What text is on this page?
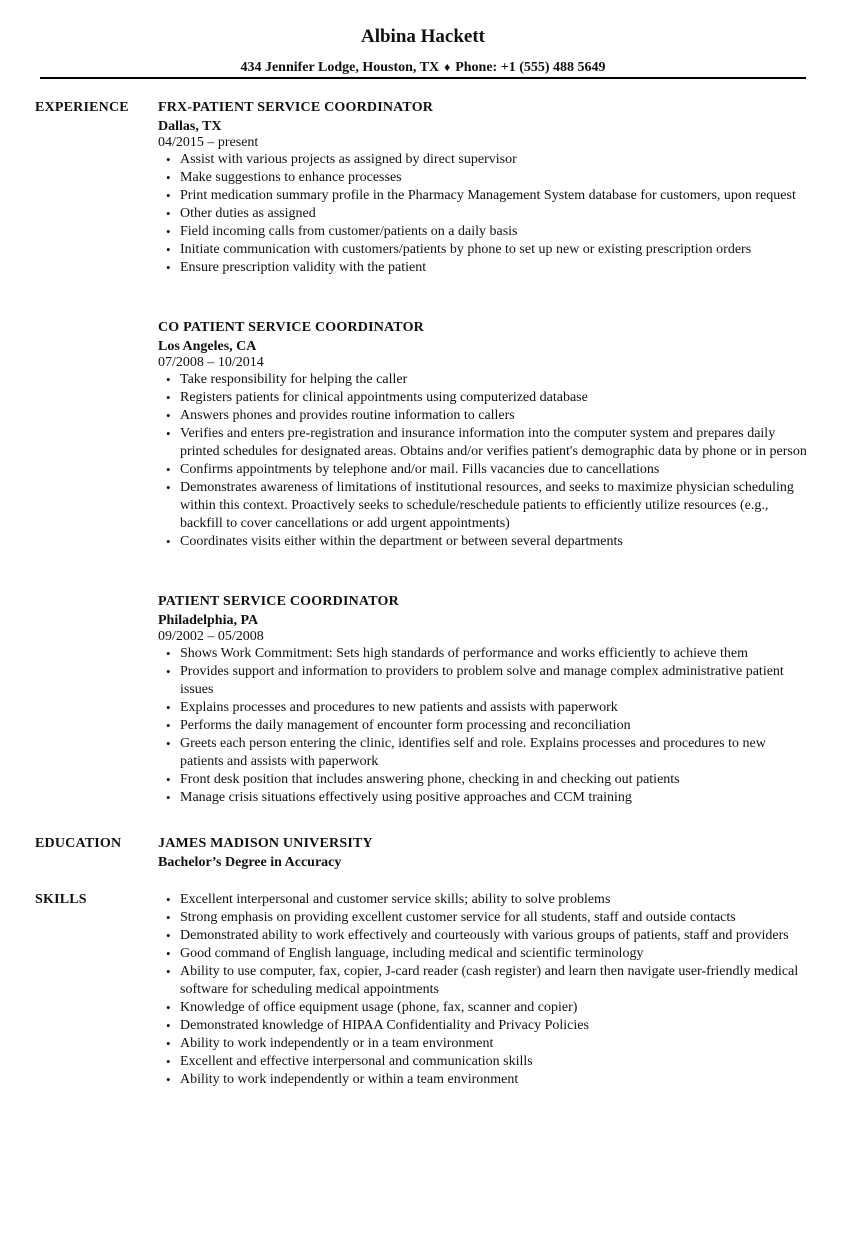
Albina Hackett
434 Jennifer Lodge, Houston, TX ♦ Phone: +1 (555) 488 5649
EXPERIENCE FRX-PATIENT SERVICE COORDINATOR
Dallas, TX
04/2015 – present
• Assist with various projects as assigned by direct supervisor
• Make suggestions to enhance processes
• Print medication summary profile in the Pharmacy Management System database for customers, upon request
• Other duties as assigned
• Field incoming calls from customer/patients on a daily basis
• Initiate communication with customers/patients by phone to set up new or existing prescription orders
• Ensure prescription validity with the patient
CO PATIENT SERVICE COORDINATOR
Los Angeles, CA
07/2008 – 10/2014
• Take responsibility for helping the caller
• Registers patients for clinical appointments using computerized database
• Answers phones and provides routine information to callers
• Verifies and enters pre-registration and insurance information into the computer system and prepares daily printed schedules for designated areas. Obtains and/or verifies patient's demographic data by phone or in person
• Confirms appointments by telephone and/or mail. Fills vacancies due to cancellations
• Demonstrates awareness of limitations of institutional resources, and seeks to maximize physician scheduling within this context. Proactively seeks to schedule/reschedule patients to efficiently utilize resources (e.g., backfill to cover cancellations or add urgent appointments)
• Coordinates visits either within the department or between several departments
PATIENT SERVICE COORDINATOR
Philadelphia, PA
09/2002 – 05/2008
• Shows Work Commitment: Sets high standards of performance and works efficiently to achieve them
• Provides support and information to providers to problem solve and manage complex administrative patient issues
• Explains processes and procedures to new patients and assists with paperwork
• Performs the daily management of encounter form processing and reconciliation
• Greets each person entering the clinic, identifies self and role. Explains processes and procedures to new patients and assists with paperwork
• Front desk position that includes answering phone, checking in and checking out patients
• Manage crisis situations effectively using positive approaches and CCM training
EDUCATION	JAMES MADISON UNIVERSITY
Bachelor’s Degree in Accuracy
SKILLS
•	Excellent interpersonal and customer service skills; ability to solve problems
• Strong emphasis on providing excellent customer service for all students, staff and outside contacts
• Demonstrated ability to work effectively and courteously with various groups of patients, staff and providers
• Good command of English language, including medical and scientific terminology
• Ability to use computer, fax, copier, J-card reader (cash register) and learn then navigate user-friendly medical software for scheduling medical appointments
• Knowledge of office equipment usage (phone, fax, scanner and copier)
• Demonstrated knowledge of HIPAA Confidentiality and Privacy Policies
• Ability to work independently or in a team environment
• Excellent and effective interpersonal and communication skills
• Ability to work independently or within a team environment
